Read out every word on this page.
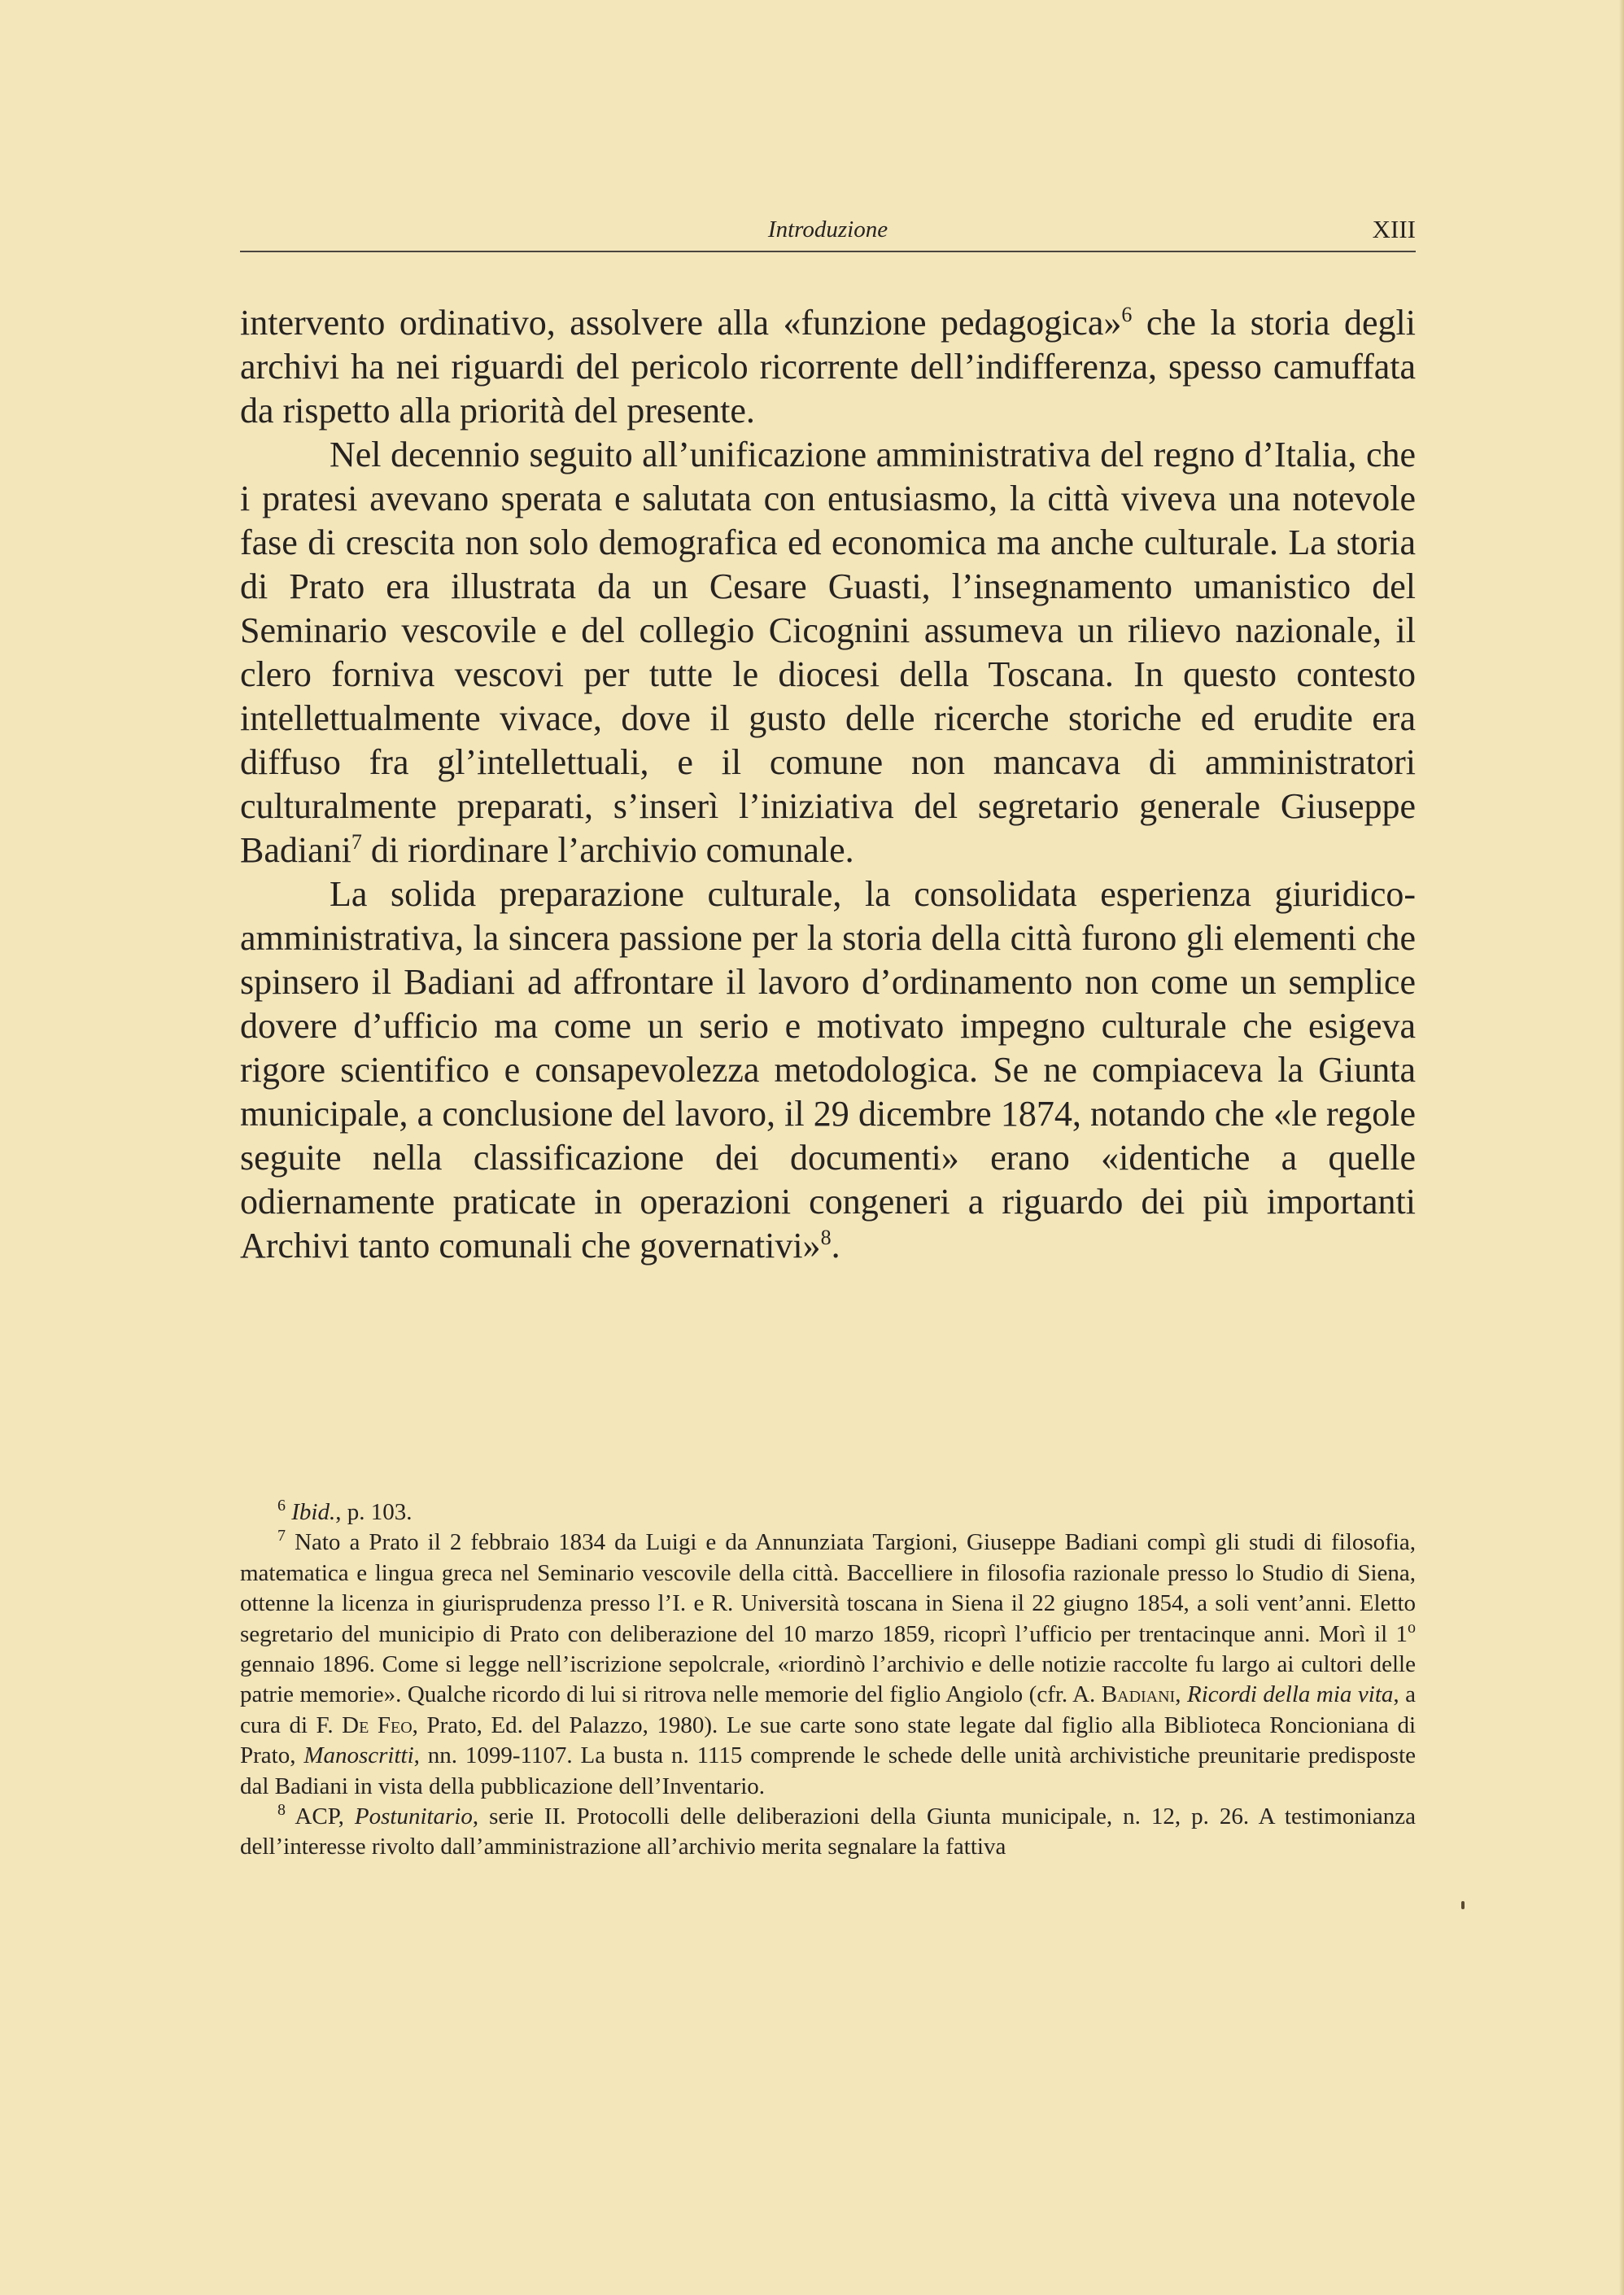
Introduzione	XIII

intervento ordinativo, assolvere alla «funzione pedagogica»$^6$ che la storia degli archivi ha nei riguardi del pericolo ricorrente dell’indifferenza, spesso camuffata da rispetto alla priorità del presente.

Nel decennio seguito all’unificazione amministrativa del regno d’Italia, che i pratesi avevano sperata e salutata con entusiasmo, la città viveva una notevole fase di crescita non solo demografica ed economica ma anche culturale. La storia di Prato era illustrata da un Cesare Guasti, l’insegnamento umanistico del Seminario vescovile e del collegio Cicognini assumeva un rilievo nazionale, il clero forniva vescovi per tutte le diocesi della Toscana. In questo contesto intellettualmente vivace, dove il gusto delle ricerche storiche ed erudite era diffuso fra gl’intellettuali, e il comune non mancava di amministratori culturalmente preparati, s’inserì l’iniziativa del segretario generale Giuseppe Badiani$^7$ di riordinare l’archivio comunale.

La solida preparazione culturale, la consolidata esperienza giuridico-amministrativa, la sincera passione per la storia della città furono gli elementi che spinsero il Badiani ad affrontare il lavoro d’ordinamento non come un semplice dovere d’ufficio ma come un serio e motivato impegno culturale che esigeva rigore scientifico e consapevolezza metodologica. Se ne compiaceva la Giunta municipale, a conclusione del lavoro, il 29 dicembre 1874, notando che «le regole seguite nella classificazione dei documenti» erano «identiche a quelle odiernamente praticate in operazioni congeneri a riguardo dei più importanti Archivi tanto comunali che governativi»$^8$.

$^6$ Ibid., p. 103.

$^7$ Nato a Prato il 2 febbraio 1834 da Luigi e da Annunziata Targioni, Giuseppe Badiani compì gli studi di filosofia, matematica e lingua greca nel Seminario vescovile della città. Baccelliere in filosofia razionale presso lo Studio di Siena, ottenne la licenza in giurisprudenza presso l’I. e R. Università toscana in Siena il 22 giugno 1854, a soli vent’anni. Eletto segretario del municipio di Prato con deliberazione del 10 marzo 1859, ricoprì l’ufficio per trentacinque anni. Morì il 1$^o$ gennaio 1896. Come si legge nell’iscrizione sepolcrale, «riordinò l’archivio e delle notizie raccolte fu largo ai cultori delle patrie memorie». Qualche ricordo di lui si ritrova nelle memorie del figlio Angiolo (cfr. A. Badiani, Ricordi della mia vita, a cura di F. De Feo, Prato, Ed. del Palazzo, 1980). Le sue carte sono state legate dal figlio alla Biblioteca Roncioniana di Prato, Manoscritti, nn. 1099-1107. La busta n. 1115 comprende le schede delle unità archivistiche preunitarie predisposte dal Badiani in vista della pubblicazione dell’Inventario.

$^8$ ACP, Postunitario, serie II. Protocolli delle deliberazioni della Giunta municipale, n. 12, p. 26. A testimonianza dell’interesse rivolto dall’amministrazione all’archivio merita segnalare la fattiva
